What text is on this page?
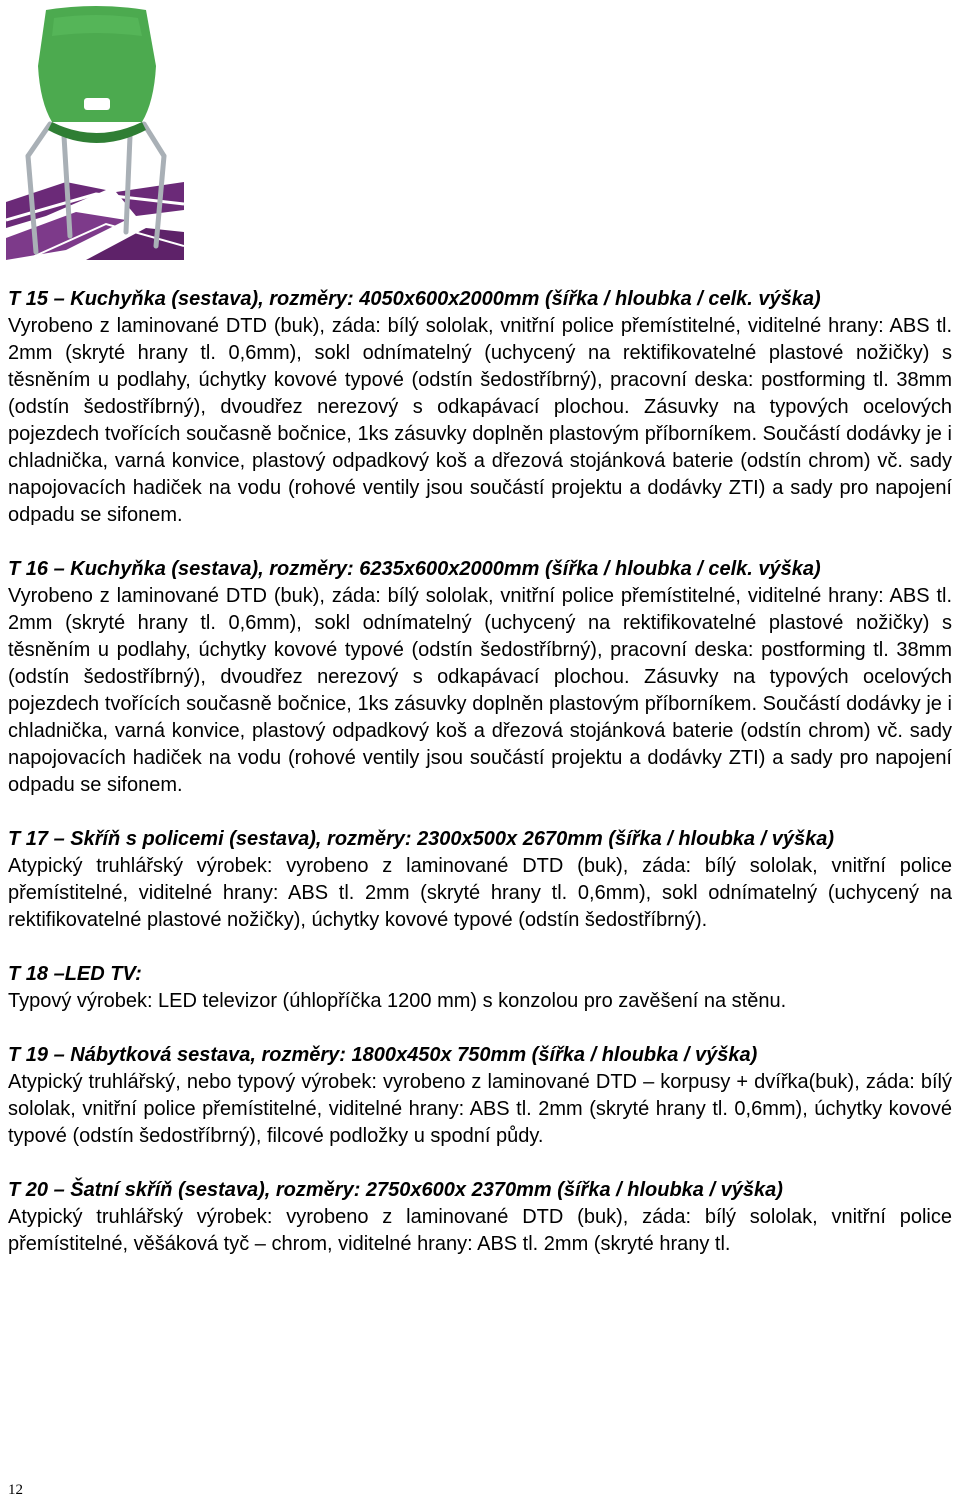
T 15 – Kuchyňka (sestava), rozměry: 4050x600x2000mm (šířka / hloubka / celk. výška)

Vyrobeno z laminované DTD (buk), záda: bílý sololak, vnitřní police přemístitelné, viditelné hrany: ABS tl. 2mm (skryté hrany tl. 0,6mm), sokl odnímatelný (uchycený na rektifikovatelné plastové nožičky) s těsněním u podlahy, úchytky kovové typové (odstín šedostříbrný), pracovní deska: postforming tl. 38mm (odstín šedostříbrný), dvoudřez nerezový s odkapávací plochou. Zásuvky na typových ocelových pojezdech tvořících současně bočnice, 1ks zásuvky doplněn plastovým příborníkem. Součástí dodávky je i chladnička, varná konvice, plastový odpadkový koš a dřezová stojánková baterie (odstín chrom) vč. sady napojovacích hadiček na vodu (rohové ventily jsou součástí projektu a dodávky ZTI) a sady pro napojení odpadu se sifonem.

T 16 – Kuchyňka (sestava), rozměry: 6235x600x2000mm (šířka / hloubka / celk. výška)

Vyrobeno z laminované DTD (buk), záda: bílý sololak, vnitřní police přemístitelné, viditelné hrany: ABS tl. 2mm (skryté hrany tl. 0,6mm), sokl odnímatelný (uchycený na rektifikovatelné plastové nožičky) s těsněním u podlahy, úchytky kovové typové (odstín šedostříbrný), pracovní deska: postforming tl. 38mm (odstín šedostříbrný), dvoudřez nerezový s odkapávací plochou. Zásuvky na typových ocelových pojezdech tvořících současně bočnice, 1ks zásuvky doplněn plastovým příborníkem. Součástí dodávky je i chladnička, varná konvice, plastový odpadkový koš a dřezová stojánková baterie (odstín chrom) vč. sady napojovacích hadiček na vodu (rohové ventily jsou součástí projektu a dodávky ZTI) a sady pro napojení odpadu se sifonem.

T 17 – Skříň s policemi (sestava), rozměry: 2300x500x 2670mm (šířka / hloubka / výška)

Atypický truhlářský výrobek: vyrobeno z laminované DTD (buk), záda: bílý sololak, vnitřní police přemístitelné, viditelné hrany: ABS tl. 2mm (skryté hrany tl. 0,6mm), sokl odnímatelný (uchycený na rektifikovatelné plastové nožičky), úchytky kovové typové (odstín šedostříbrný).

T 18 –LED TV:

Typový výrobek: LED televizor (úhlopříčka 1200 mm) s konzolou pro zavěšení na stěnu.

T 19 – Nábytková sestava, rozměry: 1800x450x 750mm (šířka / hloubka / výška)

Atypický truhlářský, nebo typový výrobek: vyrobeno z laminované DTD – korpusy + dvířka(buk), záda: bílý sololak, vnitřní police přemístitelné, viditelné hrany: ABS tl. 2mm (skryté hrany tl. 0,6mm), úchytky kovové typové (odstín šedostříbrný), filcové podložky u spodní půdy.

T 20 – Šatní skříň (sestava), rozměry: 2750x600x 2370mm (šířka / hloubka / výška)

Atypický truhlářský výrobek: vyrobeno z laminované DTD (buk), záda: bílý sololak, vnitřní police přemístitelné, věšáková tyč – chrom, viditelné hrany: ABS tl. 2mm (skryté hrany tl.

12
